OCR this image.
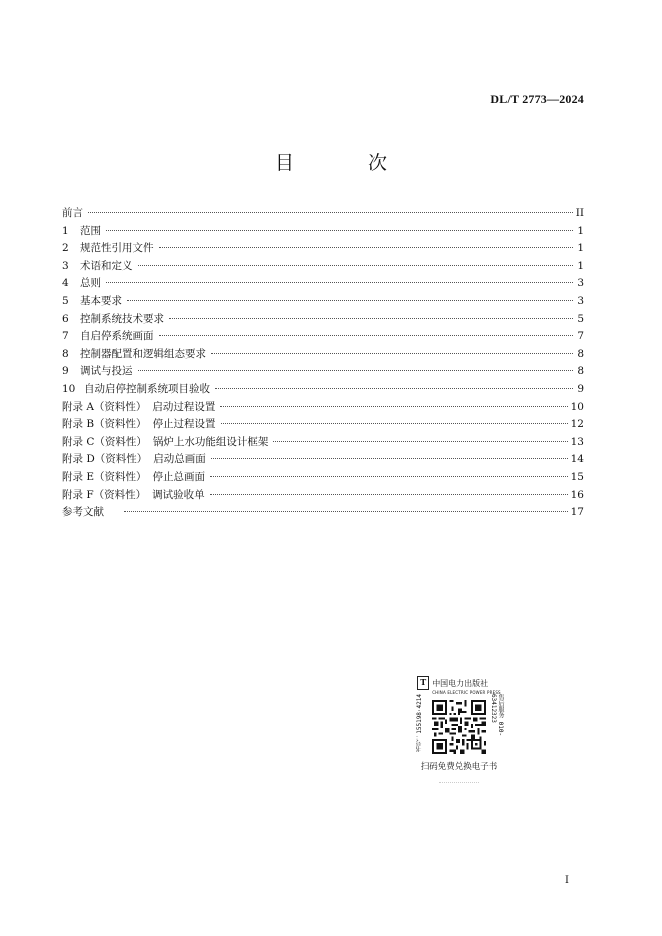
DL/T 2773—2024
目 次
前言	II
1	范围	1
2	规范性引用文件	1
3	术语和定义	1
4	总则	3
5	基本要求	3
6	控制系统技术要求	5
7	自启停系统画面	7
8	控制器配置和逻辑组态要求	8
9	调试与投运	8
10 自动启停控制系统项目验收	9
附录 A（资料性） 启动过程设置	10
附录 B（资料性） 停止过程设置	12
附录 C（资料性） 锅炉上水功能组设计框架	13
附录 D（资料性） 启动总画面	14
附录 E（资料性） 停止总画面	15
附录 F（资料性） 调试验收单	16
参考文献	17
T 中国电力出版社
CHINA ELECTRIC POWER PRESS
书号：155198·4214	售后服务 010-63412323
扫码免费兑换电子书
I
